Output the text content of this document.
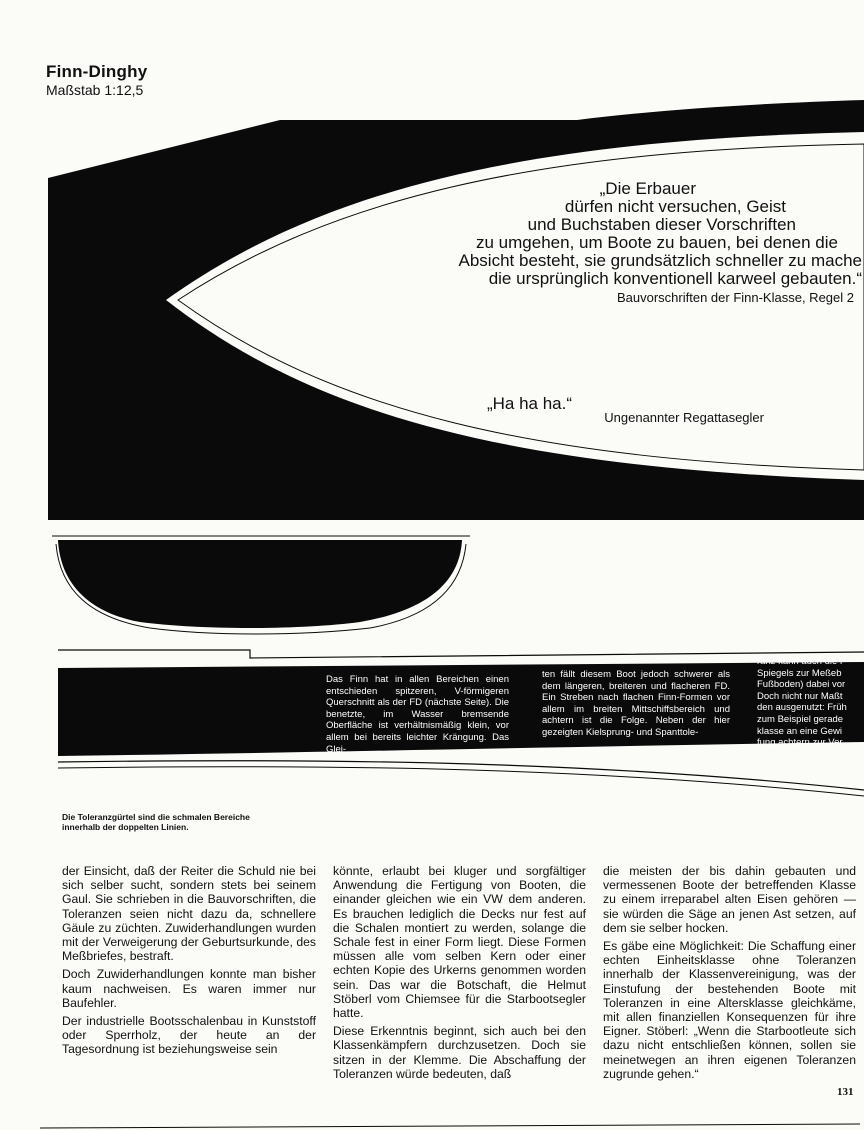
Finn-Dinghy
Maßstab 1:12,5
„Die Erbauer
dürfen nicht versuchen, Geist
und Buchstaben dieser Vorschriften
zu umgehen, um Boote zu bauen, bei denen die
Absicht besteht, sie grundsätzlich schneller zu mache
die ursprünglich konventionell karweel gebauten.“
Bauvorschriften der Finn-Klasse, Regel 2
„Ha ha ha.“
Ungenannter Regattasegler
Das Finn hat in allen Bereichen einen entschieden spitzeren, V-förmigeren Querschnitt als der FD (nächste Seite). Die benetzte, im Wasser bremsende Oberfläche ist verhältnismäßig klein, vor allem bei bereits leichter Krängung. Das Glei-
ten fällt diesem Boot jedoch schwerer als dem längeren, breiteren und flacheren FD. Ein Streben nach flachen Finn-Formen vor allem im breiten Mittschiffsbereich und achtern ist die Folge. Neben der hier gezeigten Kielsprung- und Spanttole-
ranz kann auch die F
Spiegels zur Meßeb
Fußboden) dabei vor
Doch nicht nur Maßt
den ausgenutzt: Früh
zum Beispiel gerade
klasse an eine Gewi
fung achtern zur Ver
Die Toleranzgürtel sind die schmalen Bereiche innerhalb der doppelten Linien.

der Einsicht, daß der Reiter die Schuld nie bei sich selber sucht, sondern stets bei seinem Gaul. Sie schrieben in die Bauvorschriften, die Toleranzen seien nicht dazu da, schnellere Gäule zu züchten. Zuwiderhandlungen wurden mit der Verweigerung der Geburtsurkunde, des Meßbriefes, bestraft.

Doch Zuwiderhandlungen konnte man bisher kaum nachweisen. Es waren immer nur Baufehler.

Der industrielle Bootsschalenbau in Kunststoff oder Sperrholz, der heute an der Tagesordnung ist beziehungsweise sein

könnte, erlaubt bei kluger und sorgfältiger Anwendung die Fertigung von Booten, die einander gleichen wie ein VW dem anderen. Es brauchen lediglich die Decks nur fest auf die Schalen montiert zu werden, solange die Schale fest in einer Form liegt. Diese Formen müssen alle vom selben Kern oder einer echten Kopie des Urkerns genommen worden sein. Das war die Botschaft, die Helmut Stöberl vom Chiemsee für die Starbootsegler hatte.

Diese Erkenntnis beginnt, sich auch bei den Klassenkämpfern durchzusetzen. Doch sie sitzen in der Klemme. Die Abschaffung der Toleranzen würde bedeuten, daß

die meisten der bis dahin gebauten und vermessenen Boote der betreffenden Klasse zu einem irreparabel alten Eisen gehören — sie würden die Säge an jenen Ast setzen, auf dem sie selber hocken.

Es gäbe eine Möglichkeit: Die Schaffung einer echten Einheitsklasse ohne Toleranzen innerhalb der Klassenvereinigung, was der Einstufung der bestehenden Boote mit Toleranzen in eine Altersklasse gleichkäme, mit allen finanziellen Konsequenzen für ihre Eigner. Stöberl: „Wenn die Starbootleute sich dazu nicht entschließen können, sollen sie meinetwegen an ihren eigenen Toleranzen zugrunde gehen.“

131
